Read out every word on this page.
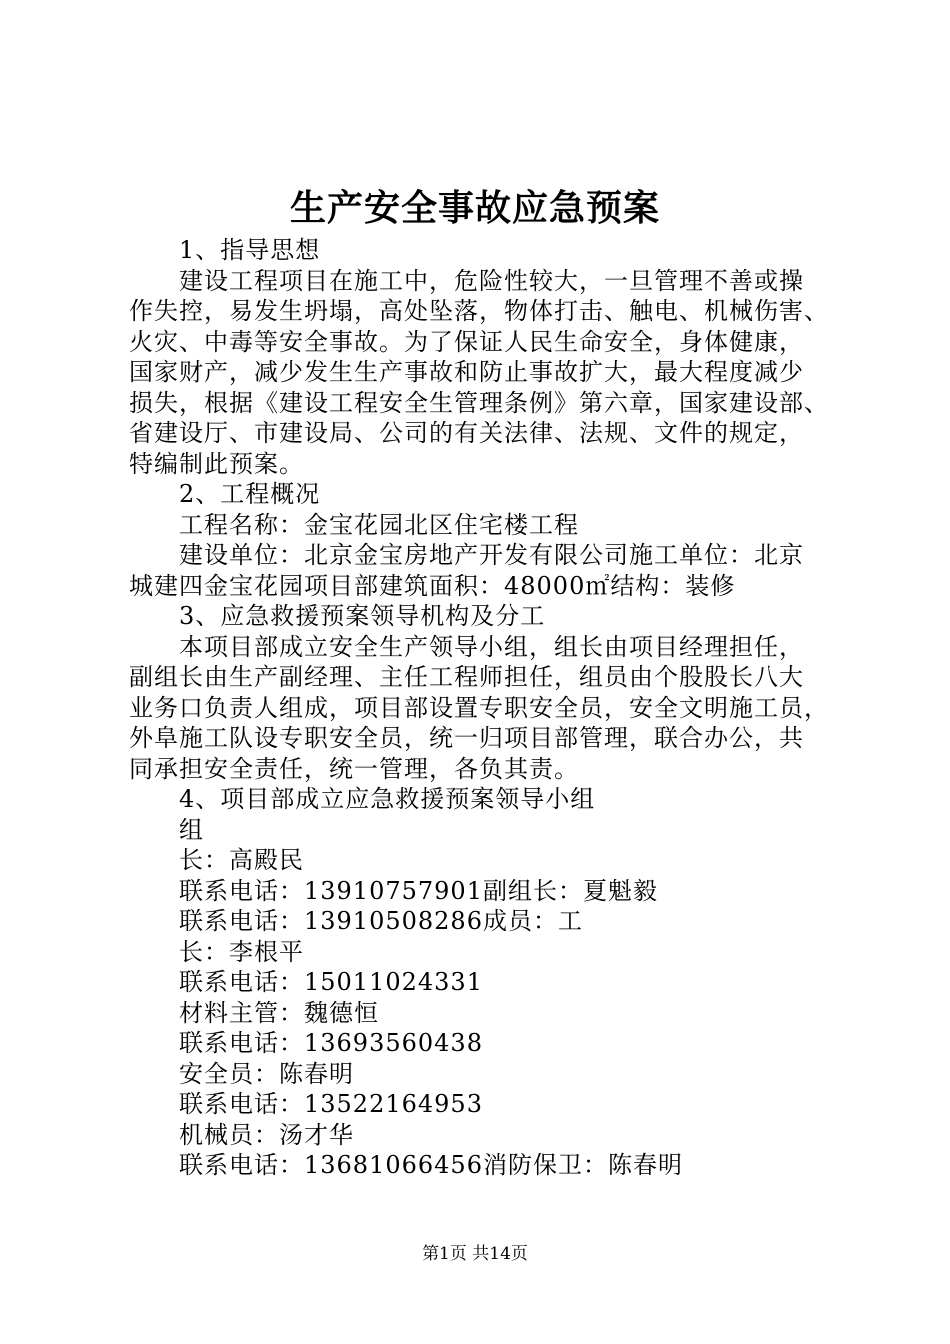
生产安全事故应急预案
1、指导思想
建设工程项目在施工中，危险性较大，一旦管理不善或操
作失控，易发生坍塌，高处坠落，物体打击、触电、机械伤害、
火灾、中毒等安全事故。为了保证人民生命安全，身体健康，
国家财产，减少发生生产事故和防止事故扩大，最大程度减少
损失，根据《建设工程安全生管理条例》第六章，国家建设部、
省建设厅、市建设局、公司的有关法律、法规、文件的规定，
特编制此预案。
2、工程概况
工程名称：金宝花园北区住宅楼工程
建设单位：北京金宝房地产开发有限公司施工单位：北京
城建四金宝花园项目部建筑面积：48000㎡结构：装修
3、应急救援预案领导机构及分工
本项目部成立安全生产领导小组，组长由项目经理担任，
副组长由生产副经理、主任工程师担任，组员由个股股长八大
业务口负责人组成，项目部设置专职安全员，安全文明施工员，
外阜施工队设专职安全员，统一归项目部管理，联合办公，共
同承担安全责任，统一管理，各负其责。
4、项目部成立应急救援预案领导小组
组
长：高殿民
联系电话：13910757901副组长：夏魁毅
联系电话：13910508286成员：工
长：李根平
联系电话：15011024331
材料主管：魏德恒
联系电话：13693560438
安全员：陈春明
联系电话：13522164953
机械员：汤才华
联系电话：13681066456消防保卫：陈春明
第1页 共14页
